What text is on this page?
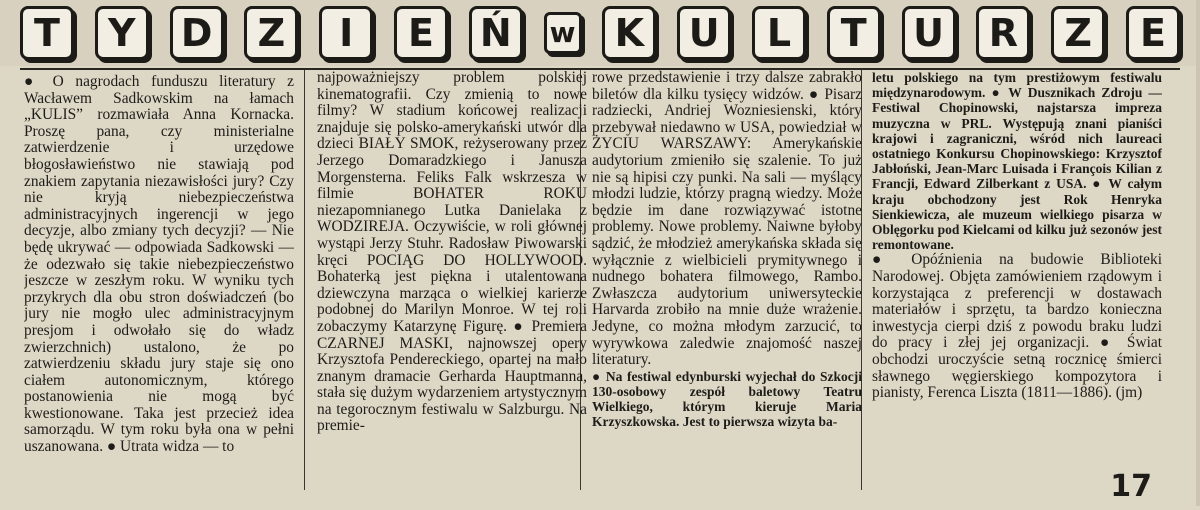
T	Y	D	Z	I	E	Ń	w	K	U	L	T	U	R	Z	E

● O nagrodach funduszu literatury z Wacławem Sadkowskim na łamach „KULIS” rozmawiała Anna Kornacka. Proszę pana, czy ministerialne zatwierdzenie i urzędowe błogosławieństwo nie stawiają pod znakiem zapytania niezawisłości jury? Czy nie kryją niebezpieczeństwa administracyjnych ingerencji w jego decyzje, albo zmiany tych decyzji? — Nie będę ukrywać — odpowiada Sadkowski — że odezwało się takie niebezpieczeństwo jeszcze w zeszłym roku. W wyniku tych przykrych dla obu stron doświadczeń (bo jury nie mogło ulec administracyjnym presjom i odwołało się do władz zwierzchnich) ustalono, że po zatwierdzeniu składu jury staje się ono ciałem autonomicznym, którego postanowienia nie mogą być kwestionowane. Taka jest przecież idea samorządu. W tym roku była ona w pełni uszanowana. ● Utrata widza — to

najpoważniejszy problem polskiej kinematografii. Czy zmienią to nowe filmy? W stadium końcowej realizacji znajduje się polsko-amerykański utwór dla dzieci BIAŁY SMOK, reżyserowany przez Jerzego Domaradzkiego i Janusza Morgensterna. Feliks Falk wskrzesza w filmie BOHATER ROKU niezapomnianego Lutka Danielaka z WODZIREJA. Oczywiście, w roli głównej wystąpi Jerzy Stuhr. Radosław Piwowarski kręci POCIĄG DO HOLLYWOOD. Bohaterką jest piękna i utalentowana dziewczyna marząca o wielkiej karierze podobnej do Marilyn Monroe. W tej roli zobaczymy Katarzynę Figurę. ● Premiera CZARNEJ MASKI, najnowszej opery Krzysztofa Pendereckiego, opartej na mało znanym dramacie Gerharda Hauptmanna, stała się dużym wydarzeniem artystycznym na tegorocznym festiwalu w Salzburgu. Na premie-

rowe przedstawienie i trzy dalsze zabrakło biletów dla kilku tysięcy widzów. ● Pisarz radziecki, Andriej Wozniesienski, który przebywał niedawno w USA, powiedział w ŻYCIU WARSZAWY: Amerykańskie audytorium zmieniło się szalenie. To już nie są hipisi czy punki. Na sali — myślący młodzi ludzie, którzy pragną wiedzy. Może będzie im dane rozwiązywać istotne problemy. Nowe problemy. Naiwne byłoby sądzić, że młodzież amerykańska składa się wyłącznie z wielbicieli prymitywnego i nudnego bohatera filmowego, Rambo. Zwłaszcza audytorium uniwersyteckie Harvarda zrobiło na mnie duże wrażenie. Jedyne, co można młodym zarzucić, to wyrywkowa zaledwie znajomość naszej literatury.

● Na festiwal edynburski wyjechał do Szkocji 130-osobowy zespół baletowy Teatru Wielkiego, którym kieruje Maria Krzyszkowska. Jest to pierwsza wizyta ba-

letu polskiego na tym prestiżowym festiwalu międzynarodowym. ● W Dusznikach Zdroju — Festiwal Chopinowski, najstarsza impreza muzyczna w PRL. Występują znani pianiści krajowi i zagraniczni, wśród nich laureaci ostatniego Konkursu Chopinowskiego: Krzysztof Jabłoński, Jean-Marc Luisada i François Kilian z Francji, Edward Zilberkant z USA. ● W całym kraju obchodzony jest Rok Henryka Sienkiewicza, ale muzeum wielkiego pisarza w Oblęgorku pod Kielcami od kilku już sezonów jest remontowane.

● Opóźnienia na budowie Biblioteki Narodowej. Objęta zamówieniem rządowym i korzystająca z preferencji w dostawach materiałów i sprzętu, ta bardzo konieczna inwestycja cierpi dziś z powodu braku ludzi do pracy i złej jej organizacji. ● Świat obchodzi uroczyście setną rocznicę śmierci sławnego węgierskiego kompozytora i pianisty, Ferenca Liszta (1811—1886). (jm)

17
